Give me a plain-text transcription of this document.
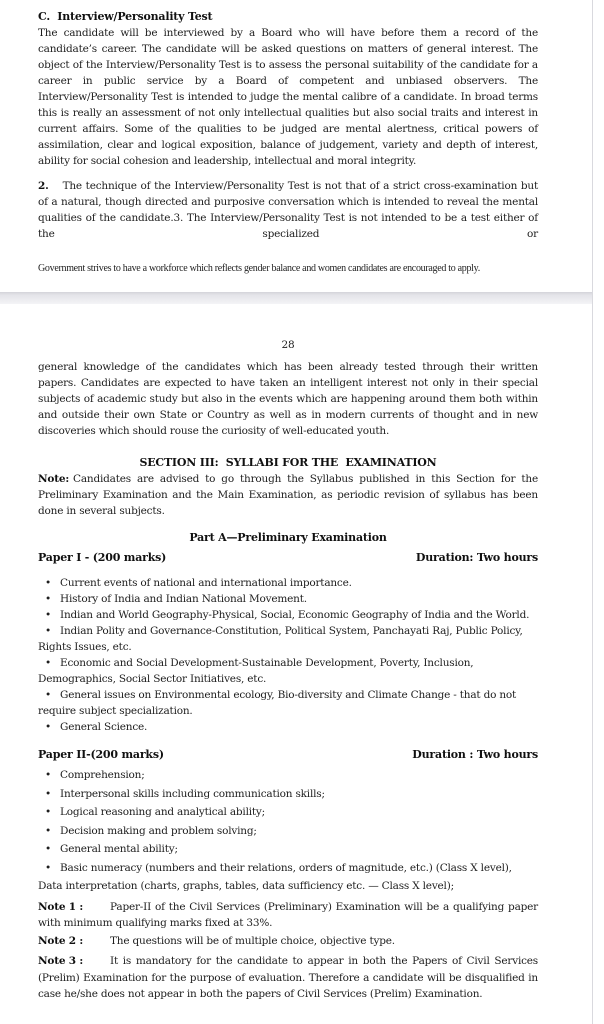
C.  Interview/Personality Test
The candidate will be interviewed by a Board who will have before them a record of the candidate’s career. The candidate will be asked questions on matters of general interest. The object of the Interview/Personality Test is to assess the personal suitability of the candidate for a career in public service by a Board of competent and unbiased observers. The Interview/Personality Test is intended to judge the mental calibre of a candidate. In broad terms this is really an assessment of not only intellectual qualities but also social traits and interest in current affairs. Some of the qualities to be judged are mental alertness, critical powers of assimilation, clear and logical exposition, balance of judgement, variety and depth of interest, ability for social cohesion and leadership, intellectual and moral integrity.
2. The technique of the Interview/Personality Test is not that of a strict cross-examination but of a natural, though directed and purposive conversation which is intended to reveal the mental qualities of the candidate.3. The Interview/Personality Test is not intended to be a test either of the specialized or
Government strives to have a workforce which reflects gender balance and women candidates are encouraged to apply.
28
general knowledge of the candidates which has been already tested through their written papers. Candidates are expected to have taken an intelligent interest not only in their special subjects of academic study but also in the events which are happening around them both within and outside their own State or Country as well as in modern currents of thought and in new discoveries which should rouse the curiosity of well-educated youth.
SECTION III:  SYLLABI FOR THE  EXAMINATION
Note: Candidates are advised to go through the Syllabus published in this Section for the Preliminary Examination and the Main Examination, as periodic revision of syllabus has been done in several subjects.
Part A—Preliminary Examination
Paper I - (200 marks)	Duration: Two hours
• Current events of national and international importance.
• History of India and Indian National Movement.
• Indian and World Geography-Physical, Social, Economic Geography of India and the World.
• Indian Polity and Governance-Constitution, Political System, Panchayati Raj, Public Policy, Rights Issues, etc.
• Economic and Social Development-Sustainable Development, Poverty, Inclusion, Demographics, Social Sector Initiatives, etc.
• General issues on Environmental ecology, Bio-diversity and Climate Change - that do not require subject specialization.
• General Science.
Paper II-(200 marks)	Duration : Two hours
• Comprehension;
• Interpersonal skills including communication skills;
• Logical reasoning and analytical ability;
• Decision making and problem solving;
• General mental ability;
• Basic numeracy (numbers and their relations, orders of magnitude, etc.) (Class X level), Data interpretation (charts, graphs, tables, data sufficiency etc. — Class X level);
Note 1 :	Paper-II of the Civil Services (Preliminary) Examination will be a qualifying paper with minimum qualifying marks fixed at 33%.
Note 2 :	The questions will be of multiple choice, objective type.
Note 3 :	It is mandatory for the candidate to appear in both the Papers of Civil Services (Prelim) Examination for the purpose of evaluation. Therefore a candidate will be disqualified in case he/she does not appear in both the papers of Civil Services (Prelim) Examination.
